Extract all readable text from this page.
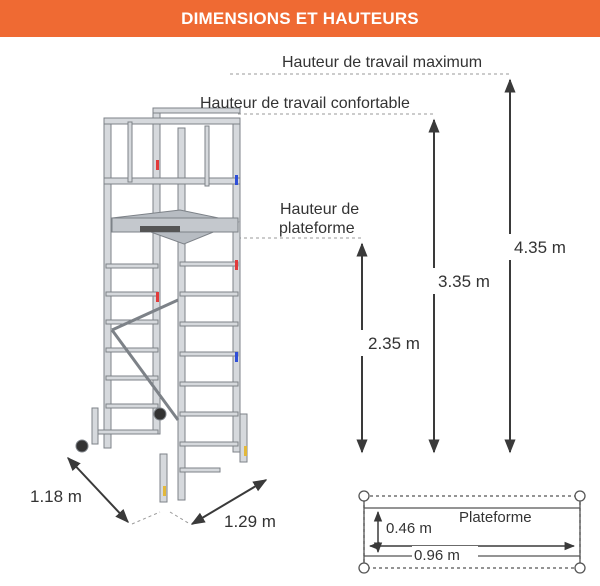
DIMENSIONS ET HAUTEURS
Hauteur de travail maximum
Hauteur de travail confortable
Hauteur de
plateforme
4.35 m
3.35 m
2.35 m
1.18 m
1.29 m	Plateforme
0.46 m
0.96 m
